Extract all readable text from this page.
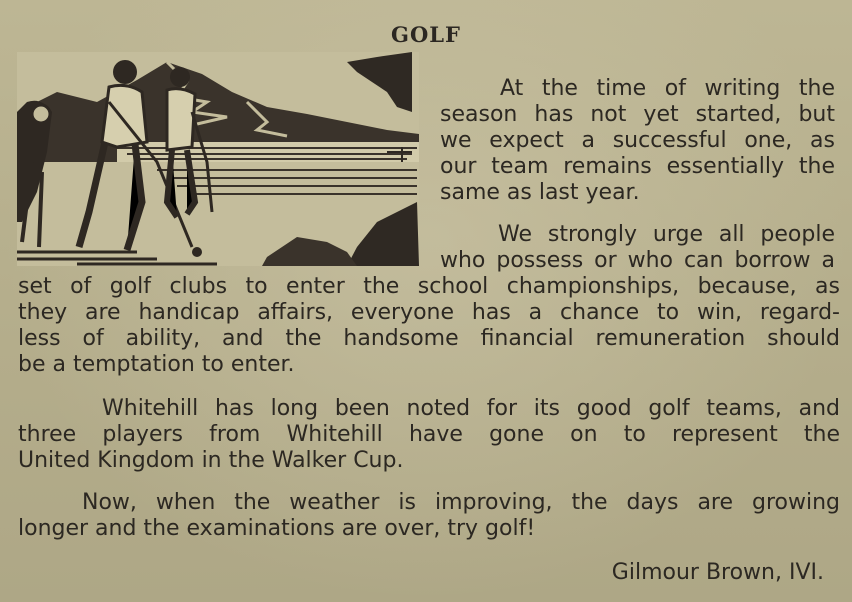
GOLF
At the time of writing the
season has not yet started, but
we expect a successful one, as
our team remains essentially the
same as last year.
We strongly urge all people
who possess or who can borrow a
set of golf clubs to enter the school championships, because, as
they are handicap affairs, everyone has a chance to win, regard-
less of ability, and the handsome financial remuneration should
be a temptation to enter.
Whitehill has long been noted for its good golf teams, and
three players from Whitehill have gone on to represent the
United Kingdom in the Walker Cup.
Now, when the weather is improving, the days are growing
longer and the examinations are over, try golf!
Gilmour Brown, IVI.
